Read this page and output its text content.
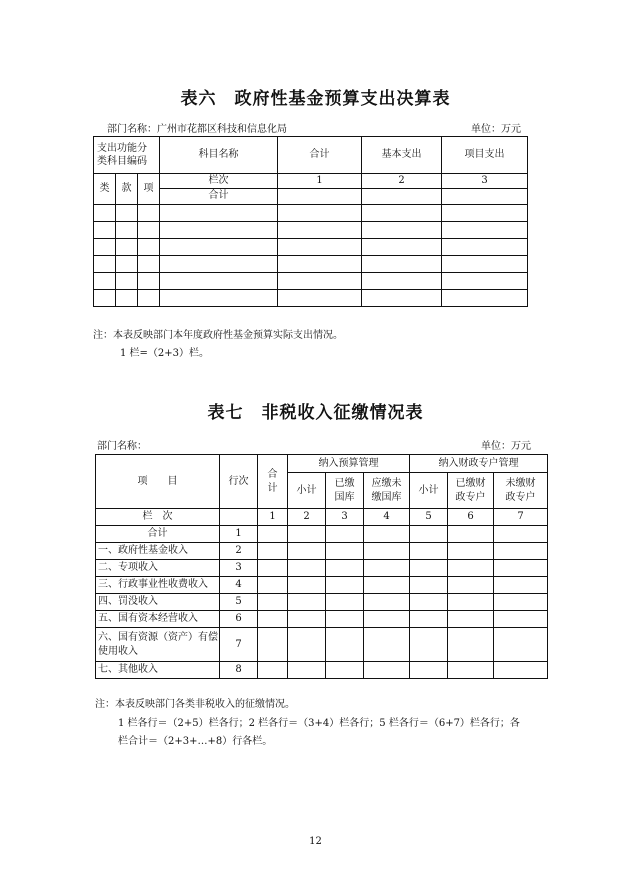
表六　政府性基金预算支出决算表
部门名称：广州市花都区科技和信息化局	单位：万元
支出功能分类科目编码			科目名称	合计	基本支出	项目支出
类	款	项	栏次	1	2	3
			合计			

注：本表反映部门本年度政府性基金预算实际支出情况。
1 栏=（2+3）栏。
表七　非税收入征缴情况表
部门名称：	单位：万元
项　　目	行次	合计	纳入预算管理			纳入财政专户管理		
			小计	已缴国库	应缴未缴国库	小计	已缴财政专户	未缴财政专户
栏　次		1	2	3	4	5	6	7
合计	1							
一、政府性基金收入	2							
二、专项收入	3							
三、行政事业性收费收入	4							
四、罚没收入	5							
五、国有资本经营收入	6							
六、国有资源（资产）有偿使用收入	7							
七、其他收入	8							
注：本表反映部门各类非税收入的征缴情况。
1 栏各行＝（2+5）栏各行；2 栏各行＝（3+4）栏各行；5 栏各行＝（6+7）栏各行；各
栏合计＝（2+3+…+8）行各栏。
12
